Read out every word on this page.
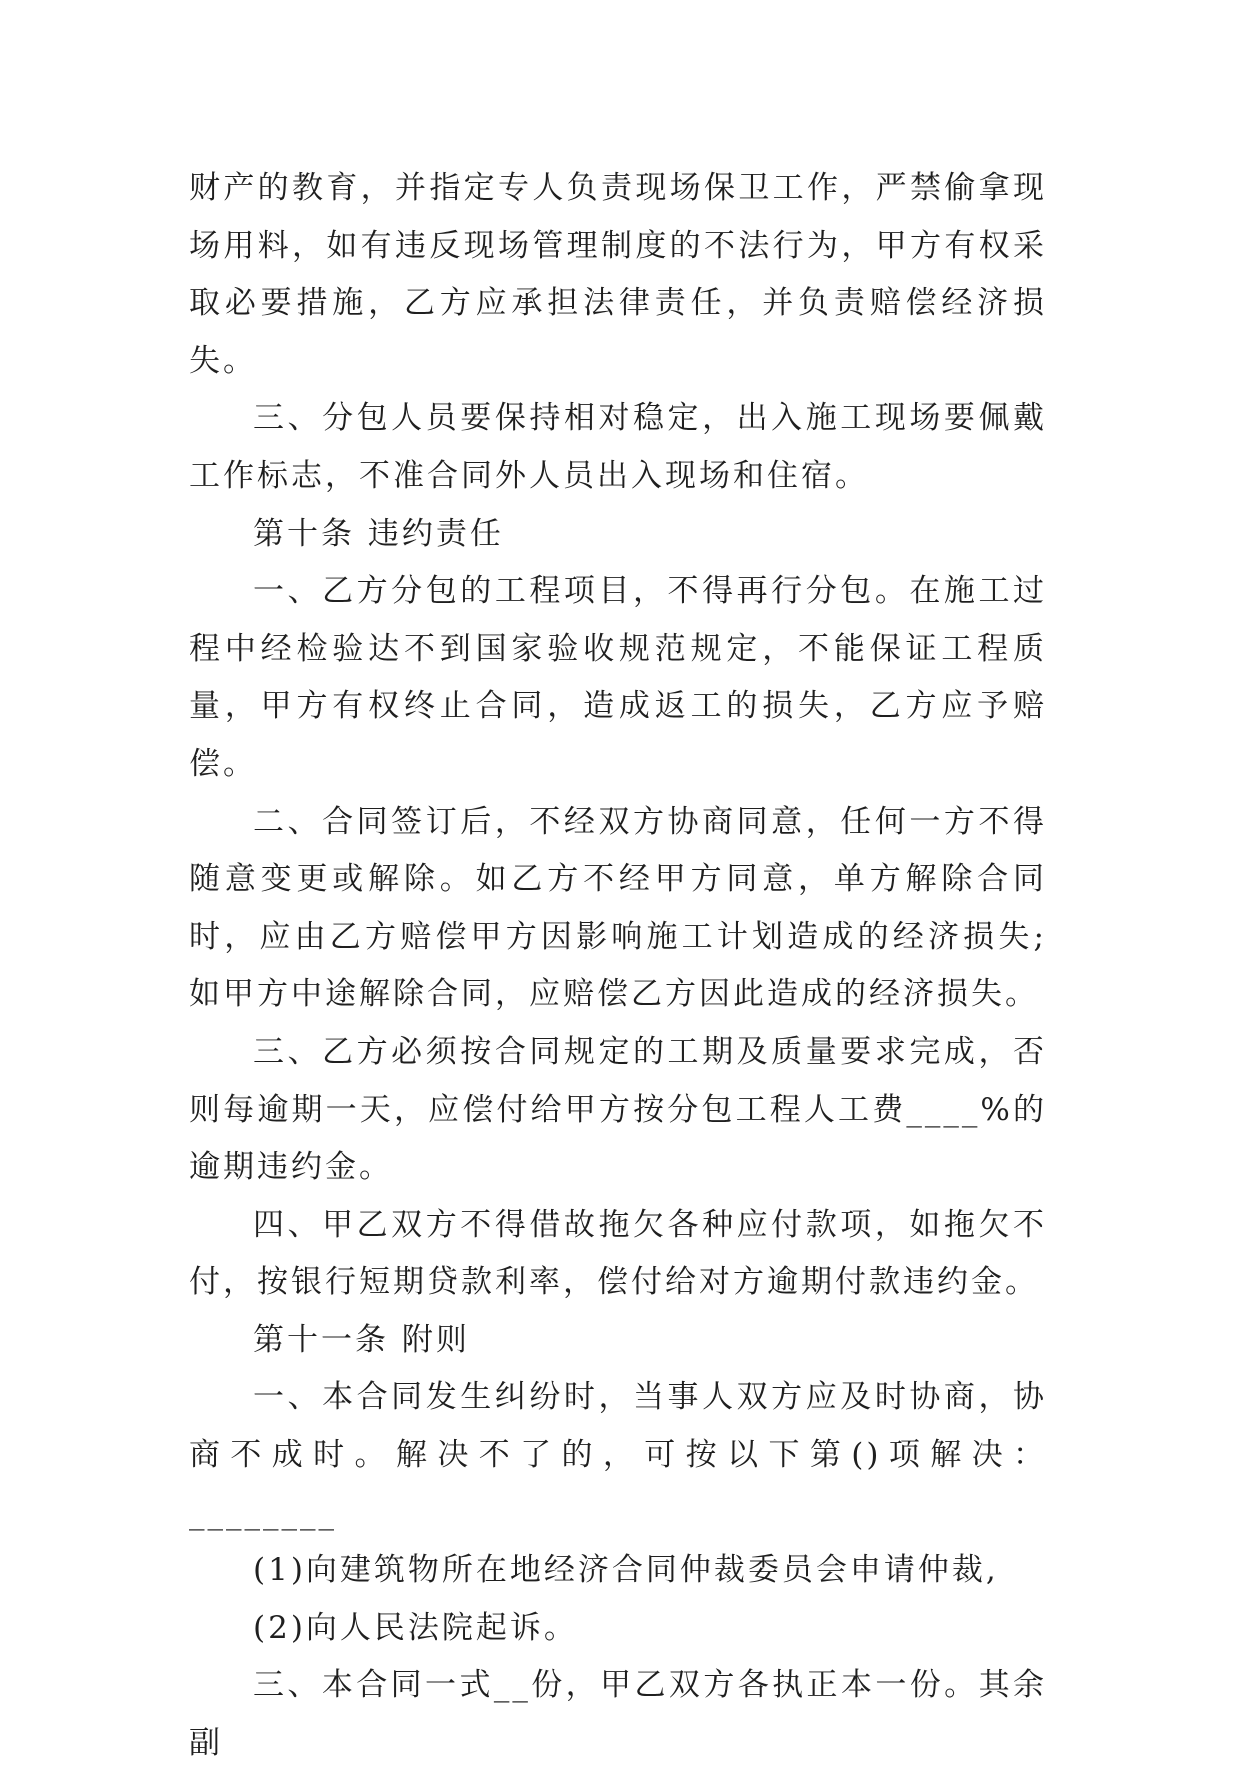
财产的教育，并指定专人负责现场保卫工作，严禁偷拿现场用料，如有违反现场管理制度的不法行为，甲方有权采取必要措施，乙方应承担法律责任，并负责赔偿经济损失。

三、分包人员要保持相对稳定，出入施工现场要佩戴工作标志，不准合同外人员出入现场和住宿。

第十条 违约责任

一、乙方分包的工程项目，不得再行分包。在施工过程中经检验达不到国家验收规范规定，不能保证工程质量，甲方有权终止合同，造成返工的损失，乙方应予赔偿。

二、合同签订后，不经双方协商同意，任何一方不得随意变更或解除。如乙方不经甲方同意，单方解除合同时，应由乙方赔偿甲方因影响施工计划造成的经济损失;如甲方中途解除合同，应赔偿乙方因此造成的经济损失。

三、乙方必须按合同规定的工期及质量要求完成，否则每逾期一天，应偿付给甲方按分包工程人工费____%的逾期违约金。

四、甲乙双方不得借故拖欠各种应付款项，如拖欠不付，按银行短期贷款利率，偿付给对方逾期付款违约金。

第十一条 附则

一、本合同发生纠纷时，当事人双方应及时协商，协商不成时。解决不了的，可按以下第()项解决：________

(1)向建筑物所在地经济合同仲裁委员会申请仲裁,

(2)向人民法院起诉。

三、本合同一式__份，甲乙双方各执正本一份。其余副
